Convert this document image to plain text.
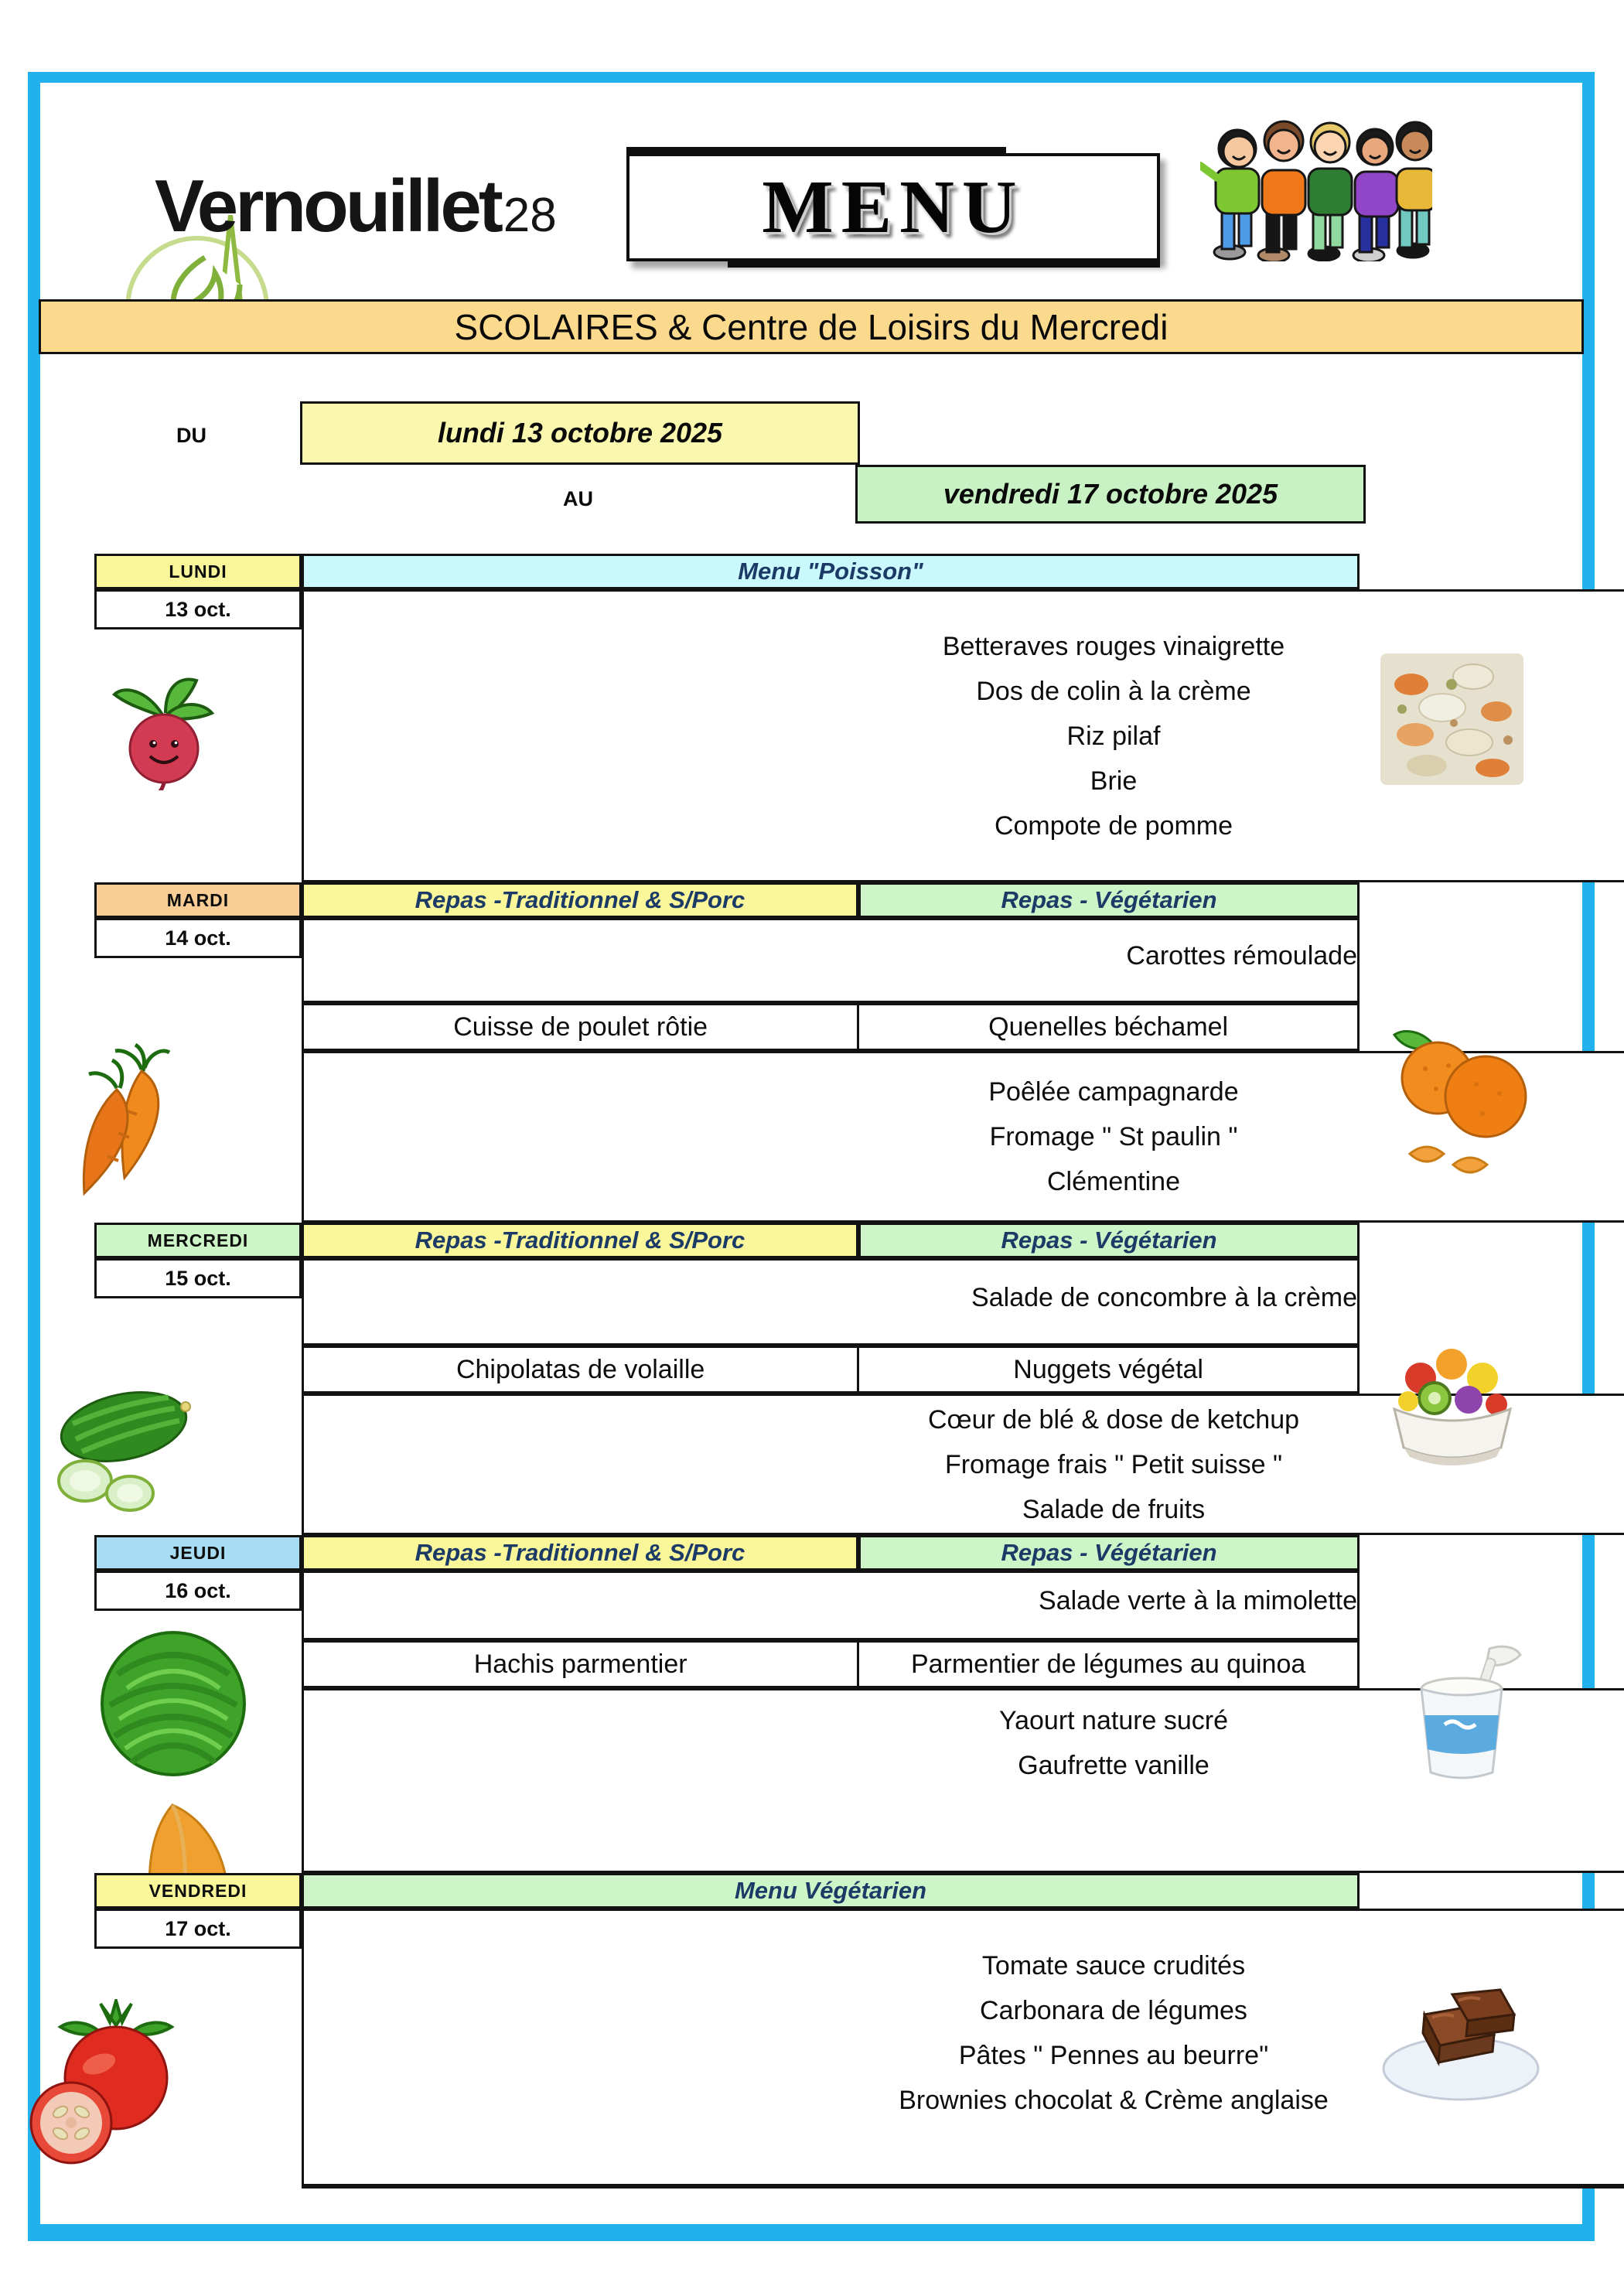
Vernouillet28	MENU
SCOLAIRES & Centre de Loisirs du Mercredi
DU	lundi 13 octobre 2025
AU	vendredi 17 octobre 2025
LUNDI	Menu "Poisson"
13 oct.
Betteraves rouges vinaigrette
Dos de colin à la crème
Riz pilaf
Brie
Compote de pomme
MARDI	Repas -Traditionnel & S/Porc	Repas - Végétarien
14 oct.
Carottes rémoulade
Cuisse de poulet rôtie	Quenelles béchamel
Poêlée campagnarde
Fromage " St paulin "
Clémentine
MERCREDI	Repas -Traditionnel & S/Porc	Repas - Végétarien
15 oct.
Salade de concombre à la crème
Chipolatas de volaille	Nuggets végétal
Cœur de blé & dose de ketchup
Fromage frais " Petit suisse "
Salade de fruits
JEUDI	Repas -Traditionnel & S/Porc	Repas - Végétarien
16 oct.	Salade verte à la mimolette
Hachis parmentier	Parmentier de légumes au quinoa
Yaourt nature sucré
Gaufrette vanille
VENDREDI	Menu Végétarien
17 oct.
Tomate sauce crudités
Carbonara de légumes
Pâtes " Pennes au beurre"
Brownies chocolat & Crème anglaise
